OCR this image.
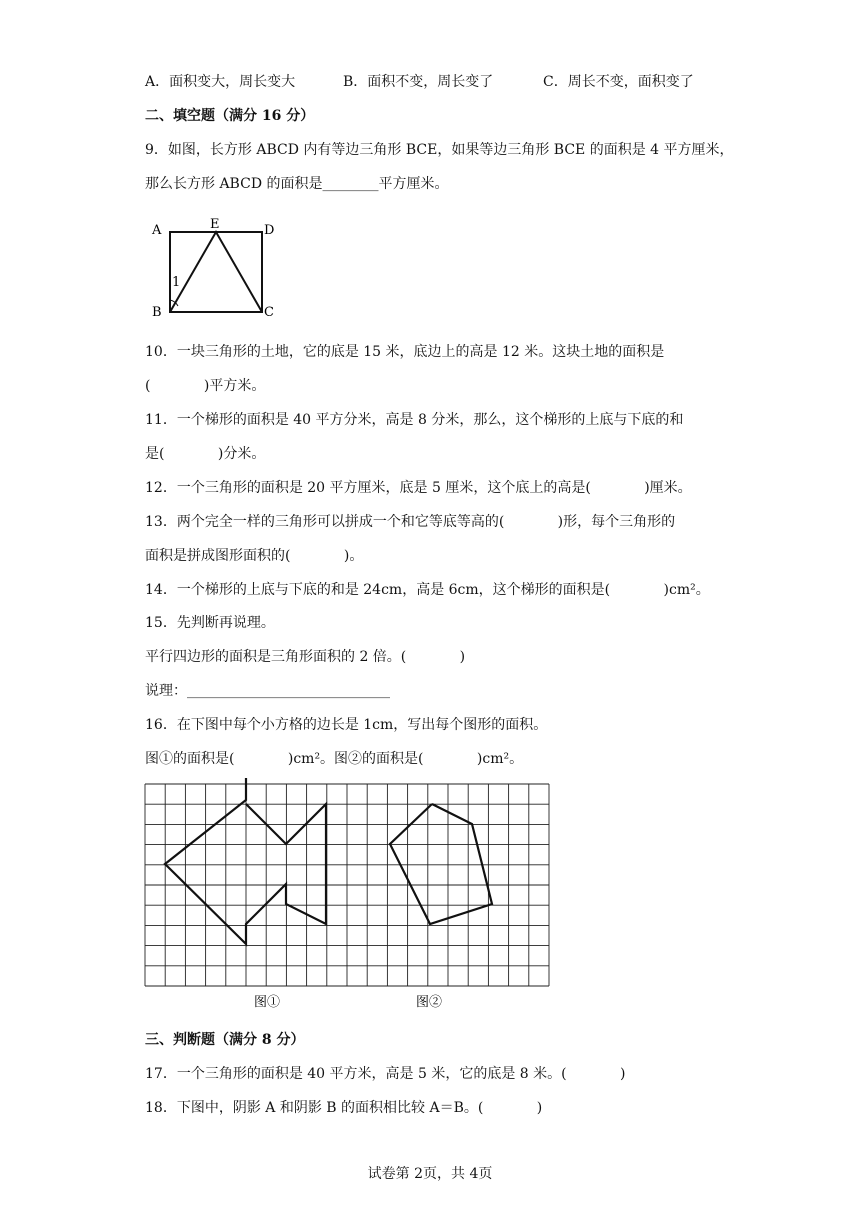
A．面积变大，周长变大	B．面积不变，周长变了	C．周长不变，面积变了
二、填空题（满分 16 分）
9．如图，长方形 ABCD 内有等边三角形 BCE，如果等边三角形 BCE 的面积是 4 平方厘米，
那么长方形 ABCD 的面积是________平方厘米。
A	E	D
B	C
1
10．一块三角形的土地，它的底是 15 米，底边上的高是 12 米。这块土地的面积是
(            )平方米。
11．一个梯形的面积是 40 平方分米，高是 8 分米，那么，这个梯形的上底与下底的和
是(            )分米。
12．一个三角形的面积是 20 平方厘米，底是 5 厘米，这个底上的高是(            )厘米。
13．两个完全一样的三角形可以拼成一个和它等底等高的(            )形，每个三角形的
面积是拼成图形面积的(            )。
14．一个梯形的上底与下底的和是 24cm，高是 6cm，这个梯形的面积是(            )cm²。
15．先判断再说理。
平行四边形的面积是三角形面积的 2 倍。(            )
说理：_____________________________
16．在下图中每个小方格的边长是 1cm，写出每个图形的面积。
图①的面积是(            )cm²。图②的面积是(            )cm²。
图①	图②
三、判断题（满分 8 分）
17．一个三角形的面积是 40 平方米，高是 5 米，它的底是 8 米。(            )
18．下图中，阴影 A 和阴影 B 的面积相比较 A＝B。(            )
试卷第 2页，共 4页
